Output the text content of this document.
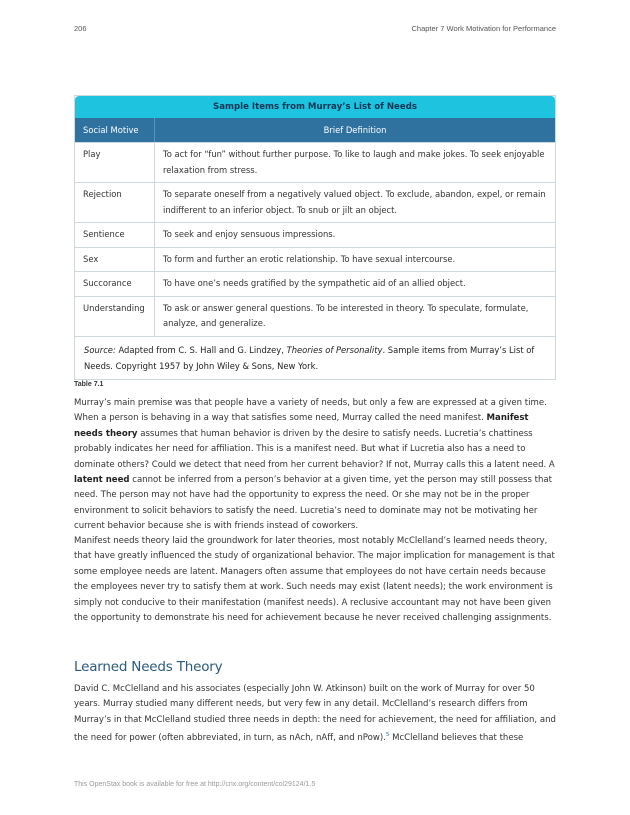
206	Chapter 7 Work Motivation for Performance
Sample Items from Murray’s List of Needs
Social Motive	Brief Definition
Play	To act for “fun” without further purpose. To like to laugh and make jokes. To seek enjoyable relaxation from stress.
Rejection	To separate oneself from a negatively valued object. To exclude, abandon, expel, or remain indifferent to an inferior object. To snub or jilt an object.
Sentience	To seek and enjoy sensuous impressions.
Sex	To form and further an erotic relationship. To have sexual intercourse.
Succorance	To have one’s needs gratified by the sympathetic aid of an allied object.
Understanding	To ask or answer general questions. To be interested in theory. To speculate, formulate, analyze, and generalize.
Source: Adapted from C. S. Hall and G. Lindzey, Theories of Personality. Sample items from Murray’s List of Needs. Copyright 1957 by John Wiley & Sons, New York.
Table 7.1

Murray’s main premise was that people have a variety of needs, but only a few are expressed at a given time. When a person is behaving in a way that satisfies some need, Murray called the need manifest. Manifest needs theory assumes that human behavior is driven by the desire to satisfy needs. Lucretia’s chattiness probably indicates her need for affiliation. This is a manifest need. But what if Lucretia also has a need to dominate others? Could we detect that need from her current behavior? If not, Murray calls this a latent need. A latent need cannot be inferred from a person’s behavior at a given time, yet the person may still possess that need. The person may not have had the opportunity to express the need. Or she may not be in the proper environment to solicit behaviors to satisfy the need. Lucretia’s need to dominate may not be motivating her current behavior because she is with friends instead of coworkers.

Manifest needs theory laid the groundwork for later theories, most notably McClelland’s learned needs theory, that have greatly influenced the study of organizational behavior. The major implication for management is that some employee needs are latent. Managers often assume that employees do not have certain needs because the employees never try to satisfy them at work. Such needs may exist (latent needs); the work environment is simply not conducive to their manifestation (manifest needs). A reclusive accountant may not have been given the opportunity to demonstrate his need for achievement because he never received challenging assignments.

Learned Needs Theory

David C. McClelland and his associates (especially John W. Atkinson) built on the work of Murray for over 50 years. Murray studied many different needs, but very few in any detail. McClelland’s research differs from Murray’s in that McClelland studied three needs in depth: the need for achievement, the need for affiliation, and the need for power (often abbreviated, in turn, as nAch, nAff, and nPow).$^5$ McClelland believes that these

This OpenStax book is available for free at http://cnx.org/content/col29124/1.5
